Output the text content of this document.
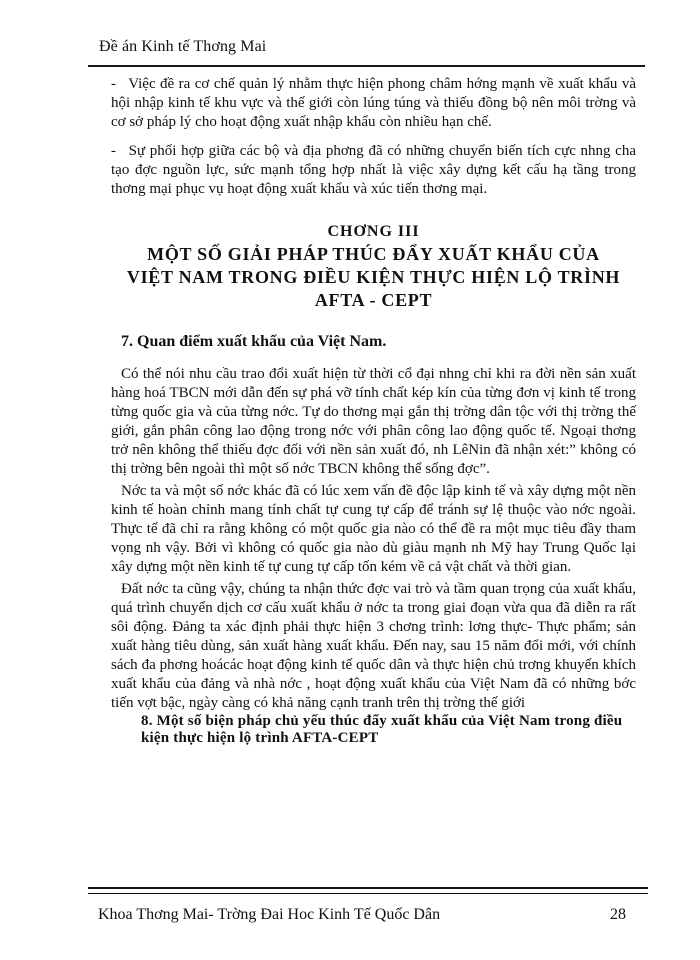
Đề án Kinh tế Thơng Mai
- Việc đề ra cơ chế quản lý nhằm thực hiện phong châm hớng mạnh về xuất khẩu và hội nhập kinh tế khu vực và thế giới còn lúng túng và thiếu đồng bộ nên môi trờng và cơ sở pháp lý cho hoạt động xuất nhập khẩu còn nhiều hạn chế.
- Sự phối hợp giữa các bộ và địa phơng đã có những chuyển biến tích cực nhng cha tạo đợc nguồn lực, sức mạnh tổng hợp nhất là việc xây dựng kết cấu hạ tầng trong thơng mại phục vụ hoạt động xuất khẩu và xúc tiến thơng mại.
CHƠNG III
MỘT SỐ GIẢI PHÁP THÚC ĐẨY XUẤT KHẨU CỦA
VIỆT NAM TRONG ĐIỀU KIỆN THỰC HIỆN LỘ TRÌNH
AFTA - CEPT
7. Quan điểm xuất khẩu của Việt Nam.

Có thể nói nhu cầu trao đổi xuất hiện từ thời cổ đại nhng chỉ khi ra đời nền sản xuất hàng hoá TBCN mới dẫn đến sự phá vỡ tính chất kép kín của từng đơn vị kinh tế trong từng quốc gia và của từng nớc. Tự do thơng mại gắn thị trờng dân tộc với thị trờng thế giới, gắn phân công lao động trong nớc với phân công lao động quốc tế. Ngoại thơng trở nên không thể thiếu đợc đối với nền sản xuất đó, nh LêNin đã nhận xét:” không có thị trờng bên ngoài thì một số nớc TBCN không thể sống đợc”.

Nớc ta và một số nớc khác đã có lúc xem vấn đề độc lập kinh tế và xây dựng một nền kinh tế hoàn chỉnh mang tính chất tự cung tự cấp để tránh sự lệ thuộc vào nớc ngoài. Thực tế đã chỉ ra rằng không có một quốc gia nào có thể đề ra một mục tiêu đầy tham vọng nh vậy. Bởi vì không có quốc gia nào dù giàu mạnh nh Mỹ hay Trung Quốc lại xây dựng một nền kinh tế tự cung tự cấp tốn kém về cả vật chất và thời gian.

Đất nớc ta cũng vậy, chúng ta nhận thức đợc vai trò và tầm quan trọng của xuất khẩu, quá trình chuyển dịch cơ cấu xuất khẩu ở nớc ta trong giai đoạn vừa qua đã diễn ra rất sôi động. Đảng ta xác định phải thực hiện 3 chơng trình: lơng thực- Thực phẩm; sản xuất hàng tiêu dùng, sản xuất hàng xuất khẩu. Đến nay, sau 15 năm đổi mới, với chính sách đa phơng hoácác hoạt động kinh tế quốc dân và thực hiện chủ trơng khuyến khích xuất khẩu của đảng và nhà nớc , hoạt động xuất khẩu của Việt Nam đã có những bớc tiến vợt bậc, ngày càng có khả năng cạnh tranh trên thị trờng thế giới

8. Một số biện pháp chủ yếu thúc đẩy xuất khẩu của Việt Nam trong điều kiện thực hiện lộ trình AFTA-CEPT
Khoa Thơng Mai- Trờng Đai Hoc Kinh Tế Quốc Dân	28
